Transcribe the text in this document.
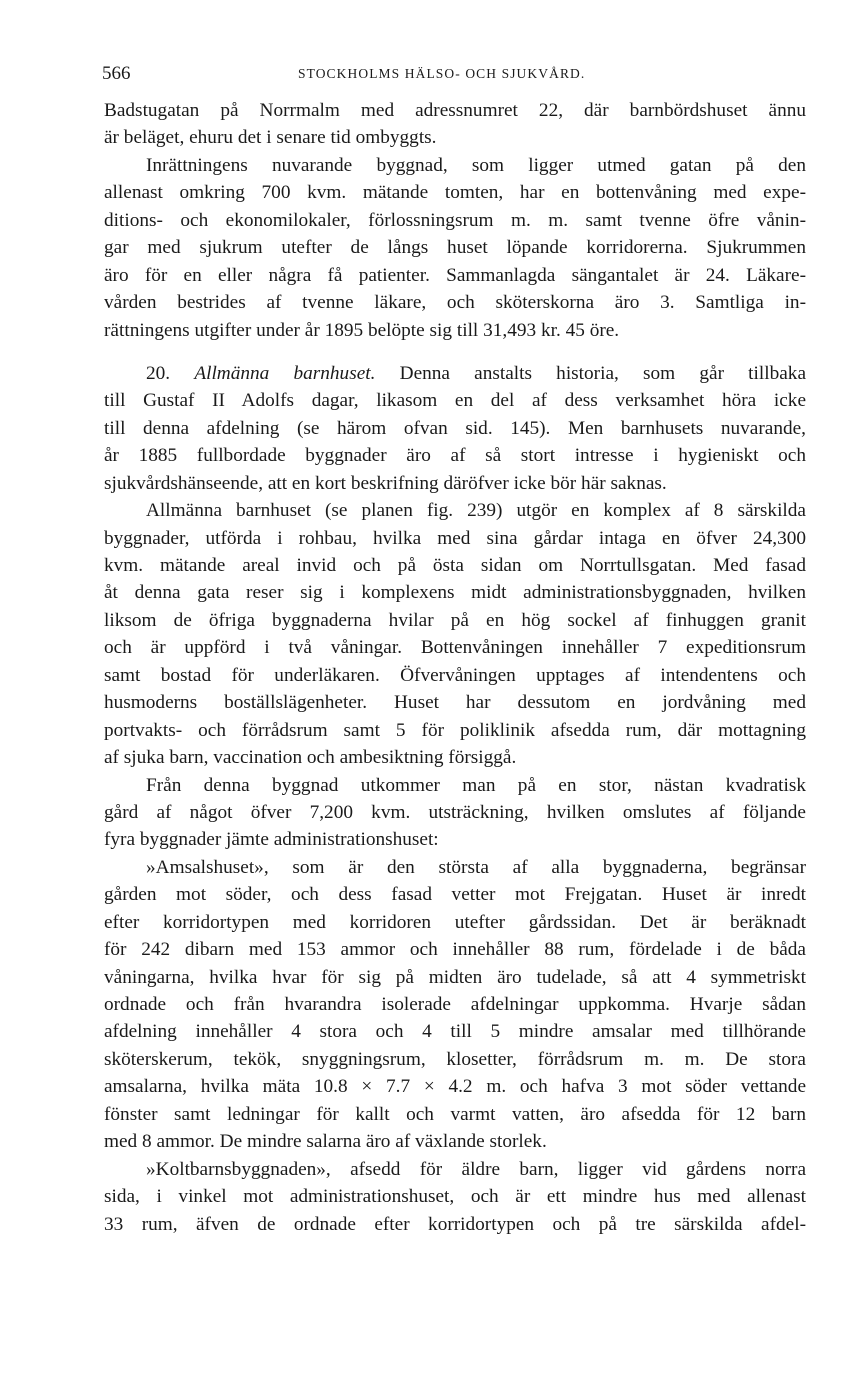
566	STOCKHOLMS HÄLSO- OCH SJUKVÅRD.
Badstugatan på Norrmalm med adressnumret 22, där barnbördshuset ännu
är beläget, ehuru det i senare tid ombyggts.
Inrättningens nuvarande byggnad, som ligger utmed gatan på den
allenast omkring 700 kvm. mätande tomten, har en bottenvåning med expe-
ditions- och ekonomilokaler, förlossningsrum m. m. samt tvenne öfre vånin-
gar med sjukrum utefter de långs huset löpande korridorerna. Sjukrummen
äro för en eller några få patienter. Sammanlagda sängantalet är 24. Läkare-
vården bestrides af tvenne läkare, och sköterskorna äro 3. Samtliga in-
rättningens utgifter under år 1895 belöpte sig till 31,493 kr. 45 öre.
20. Allmänna barnhuset. Denna anstalts historia, som går tillbaka
till Gustaf II Adolfs dagar, likasom en del af dess verksamhet höra icke
till denna afdelning (se härom ofvan sid. 145). Men barnhusets nuvarande,
år 1885 fullbordade byggnader äro af så stort intresse i hygieniskt och
sjukvårdshänseende, att en kort beskrifning däröfver icke bör här saknas.
Allmänna barnhuset (se planen fig. 239) utgör en komplex af 8 särskilda
byggnader, utförda i rohbau, hvilka med sina gårdar intaga en öfver 24,300
kvm. mätande areal invid och på östa sidan om Norrtullsgatan. Med fasad
åt denna gata reser sig i komplexens midt administrationsbyggnaden, hvilken
liksom de öfriga byggnaderna hvilar på en hög sockel af finhuggen granit
och är uppförd i två våningar. Bottenvåningen innehåller 7 expeditionsrum
samt bostad för underläkaren. Öfvervåningen upptages af intendentens och
husmoderns boställslägenheter. Huset har dessutom en jordvåning med
portvakts- och förrådsrum samt 5 för poliklinik afsedda rum, där mottagning
af sjuka barn, vaccination och ambesiktning försiggå.
Från denna byggnad utkommer man på en stor, nästan kvadratisk
gård af något öfver 7,200 kvm. utsträckning, hvilken omslutes af följande
fyra byggnader jämte administrationshuset:
»Amsalshuset», som är den största af alla byggnaderna, begränsar
gården mot söder, och dess fasad vetter mot Frejgatan. Huset är inredt
efter korridortypen med korridoren utefter gårdssidan. Det är beräknadt
för 242 dibarn med 153 ammor och innehåller 88 rum, fördelade i de båda
våningarna, hvilka hvar för sig på midten äro tudelade, så att 4 symmetriskt
ordnade och från hvarandra isolerade afdelningar uppkomma. Hvarje sådan
afdelning innehåller 4 stora och 4 till 5 mindre amsalar med tillhörande
sköterskerum, tekök, snyggningsrum, klosetter, förrådsrum m. m. De stora
amsalarna, hvilka mäta 10.8 × 7.7 × 4.2 m. och hafva 3 mot söder vettande
fönster samt ledningar för kallt och varmt vatten, äro afsedda för 12 barn
med 8 ammor. De mindre salarna äro af växlande storlek.
»Koltbarnsbyggnaden», afsedd för äldre barn, ligger vid gårdens norra
sida, i vinkel mot administrationshuset, och är ett mindre hus med allenast
33 rum, äfven de ordnade efter korridortypen och på tre särskilda afdel-
